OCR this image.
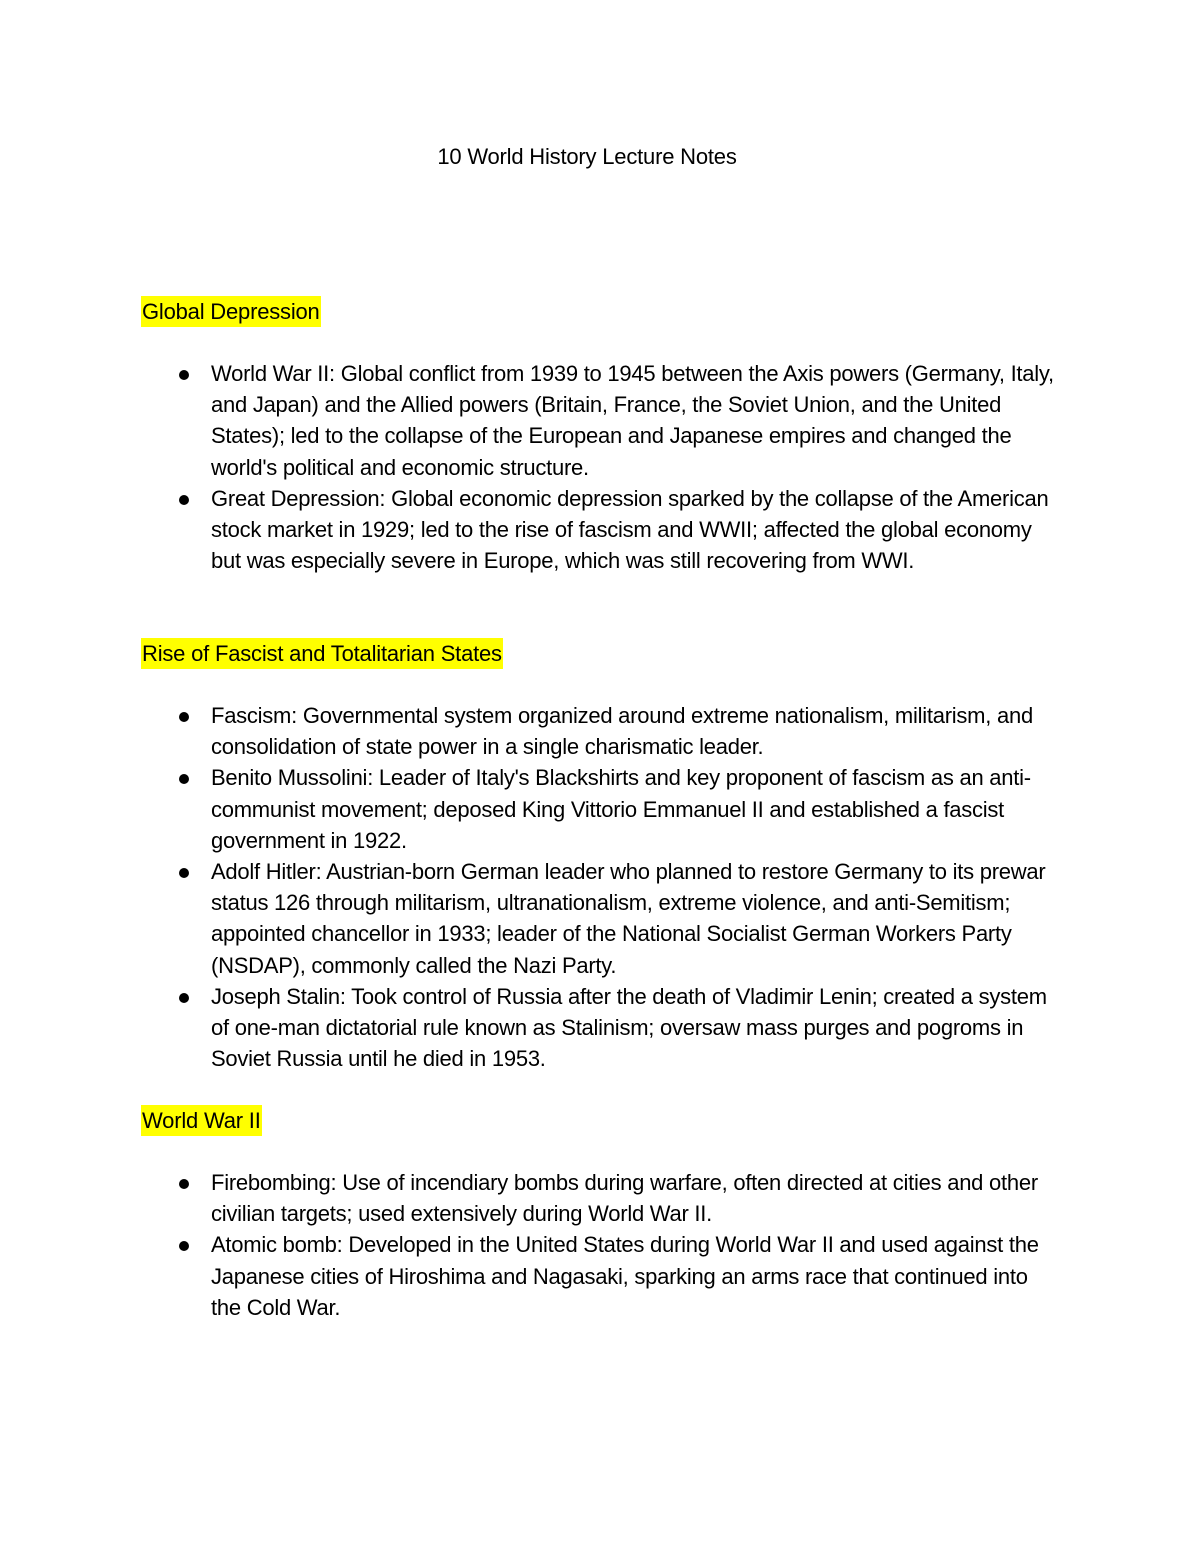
10 World History Lecture Notes
Global Depression
World War II: Global conflict from 1939 to 1945 between the Axis powers (Germany, Italy, and Japan) and the Allied powers (Britain, France, the Soviet Union, and the United States); led to the collapse of the European and Japanese empires and changed the world's political and economic structure.
Great Depression: Global economic depression sparked by the collapse of the American stock market in 1929; led to the rise of fascism and WWII; affected the global economy but was especially severe in Europe, which was still recovering from WWI.
Rise of Fascist and Totalitarian States
Fascism: Governmental system organized around extreme nationalism, militarism, and consolidation of state power in a single charismatic leader.
Benito Mussolini: Leader of Italy's Blackshirts and key proponent of fascism as an anti-communist movement; deposed King Vittorio Emmanuel II and established a fascist government in 1922.
Adolf Hitler: Austrian-born German leader who planned to restore Germany to its prewar status 126 through militarism, ultranationalism, extreme violence, and anti-Semitism; appointed chancellor in 1933; leader of the National Socialist German Workers Party (NSDAP), commonly called the Nazi Party.
Joseph Stalin: Took control of Russia after the death of Vladimir Lenin; created a system of one-man dictatorial rule known as Stalinism; oversaw mass purges and pogroms in Soviet Russia until he died in 1953.
World War II
Firebombing: Use of incendiary bombs during warfare, often directed at cities and other civilian targets; used extensively during World War II.
Atomic bomb: Developed in the United States during World War II and used against the Japanese cities of Hiroshima and Nagasaki, sparking an arms race that continued into the Cold War.
